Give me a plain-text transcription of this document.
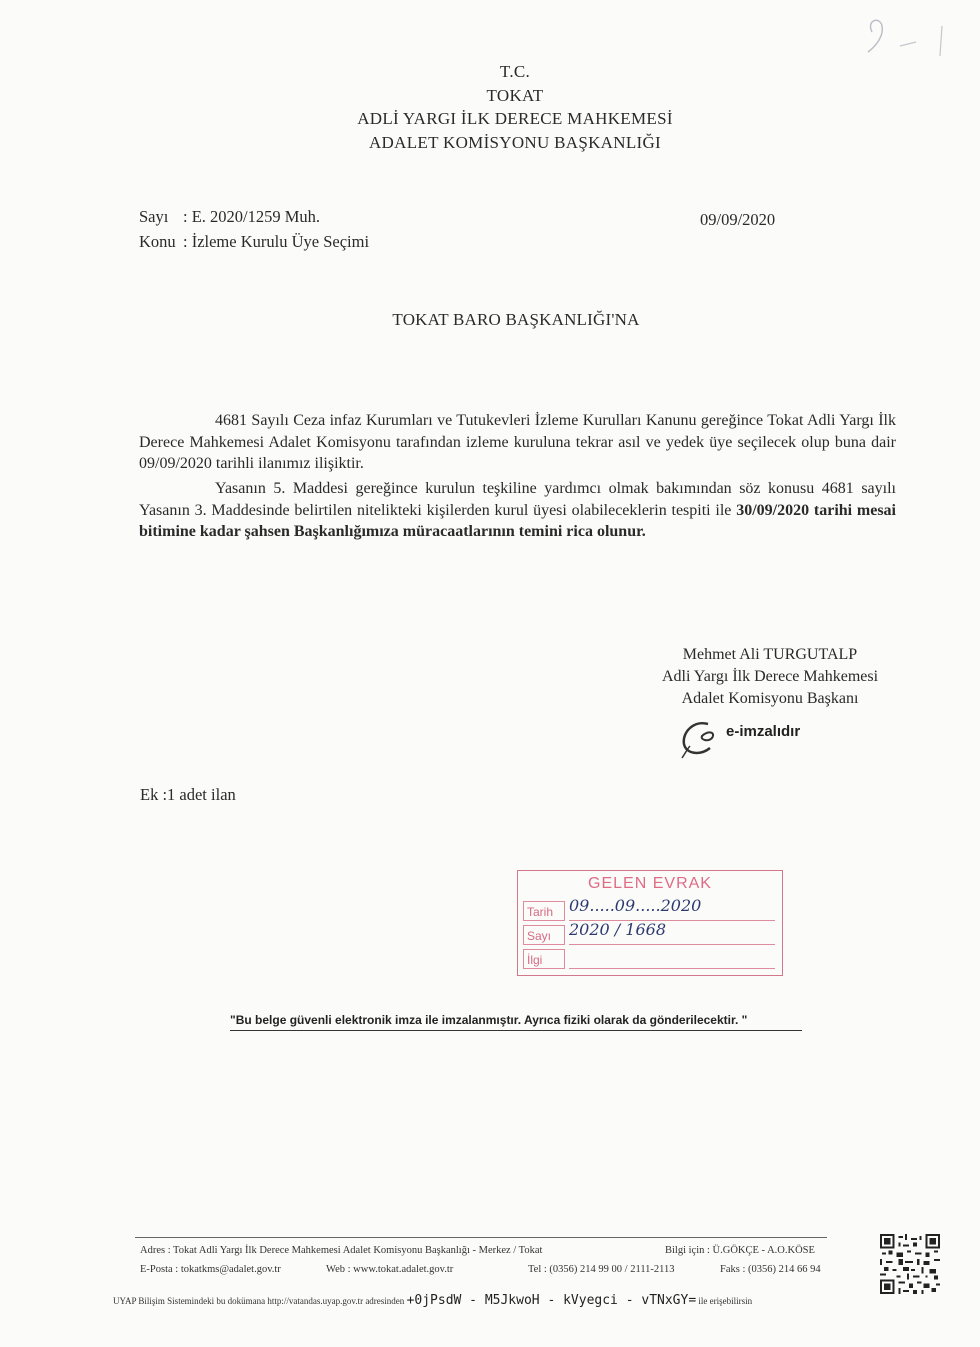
T.C.
TOKAT
ADLİ YARGI İLK DERECE MAHKEMESİ
ADALET KOMİSYONU BAŞKANLIĞI
Sayı : E. 2020/1259 Muh.
Konu : İzleme Kurulu Üye Seçimi
09/09/2020
TOKAT BARO BAŞKANLIĞI'NA

4681 Sayılı Ceza infaz Kurumları ve Tutukevleri İzleme Kurulları Kanunu gereğince Tokat Adli Yargı İlk Derece Mahkemesi Adalet Komisyonu tarafından izleme kuruluna tekrar asıl ve yedek üye seçilecek olup buna dair 09/09/2020 tarihli ilanımız ilişiktir.

Yasanın 5. Maddesi gereğince kurulun teşkiline yardımcı olmak bakımından söz konusu 4681 sayılı Yasanın 3. Maddesinde belirtilen nitelikteki kişilerden kurul üyesi olabileceklerin tespiti ile 30/09/2020 tarihi mesai bitimine kadar şahsen Başkanlığımıza müracaatlarının temini rica olunur.

Mehmet Ali TURGUTALP
Adli Yargı İlk Derece Mahkemesi
Adalet Komisyonu Başkanı
e-imzalıdır
Ek :1 adet ilan
GELEN EVRAK
Tarih 09.....09.....2020
Sayı	2020 / 1668
İlgi
"Bu belge güvenli elektronik imza ile imzalanmıştır. Ayrıca fiziki olarak da gönderilecektir. "
Adres : Tokat Adli Yargı İlk Derece Mahkemesi Adalet Komisyonu Başkanlığı - Merkez / Tokat	Bilgi için : Ü.GÖKÇE - A.O.KÖSE
E-Posta : tokatkms@adalet.gov.tr	Web : www.tokat.adalet.gov.tr	Tel : (0356) 214 99 00 / 2111-2113	Faks : (0356) 214 66 94
UYAP Bilişim Sistemindeki bu dokümana http://vatandas.uyap.gov.tr adresinden +0jPsdW - M5JkwoH - kVyegci - vTNxGY= ile erişebilirsin
